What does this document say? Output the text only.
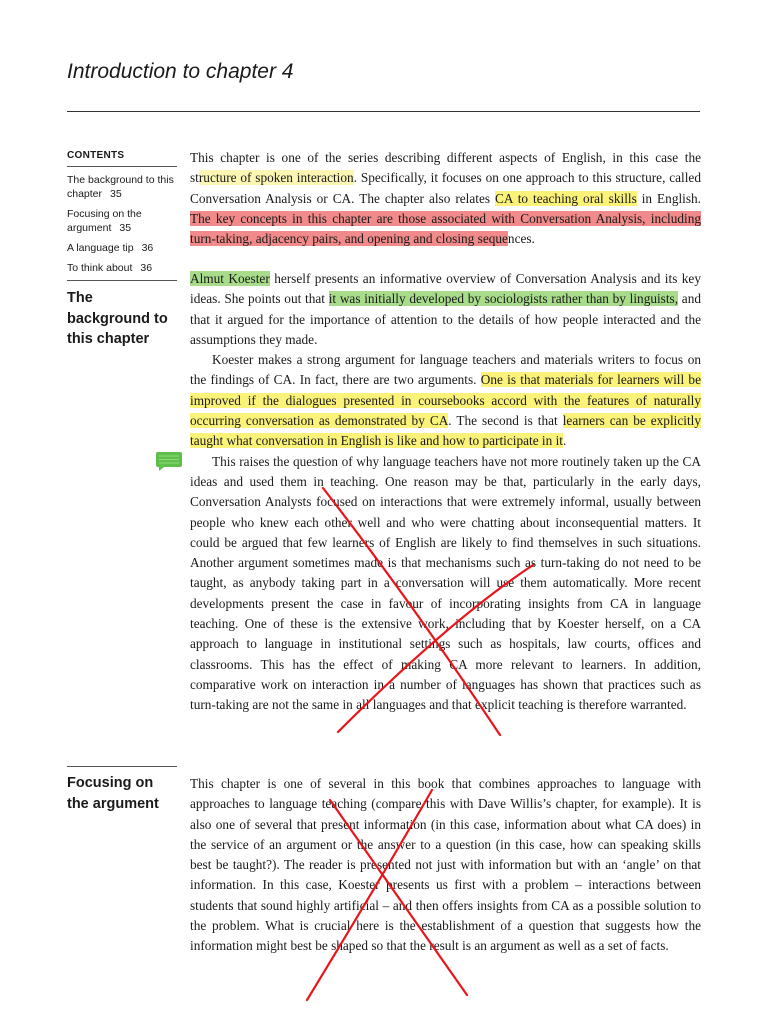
Introduction to chapter 4
CONTENTS
The background to this chapter 35
Focusing on the argument 35
A language tip 36
To think about 36
The background to this chapter
Focusing on the argument

This chapter is one of the series describing different aspects of English, in this case the structure of spoken interaction. Specifically, it focuses on one approach to this structure, called Conversation Analysis or CA. The chapter also relates CA to teaching oral skills in English. The key concepts in this chapter are those associated with Conversation Analysis, including turn-taking, adjacency pairs, and opening and closing sequences.

Almut Koester herself presents an informative overview of Conversation Analysis and its key ideas. She points out that it was initially developed by sociologists rather than by linguists, and that it argued for the importance of attention to the details of how people interacted and the assumptions they made.

Koester makes a strong argument for language teachers and materials writers to focus on the findings of CA. In fact, there are two arguments. One is that materials for learners will be improved if the dialogues presented in coursebooks accord with the features of naturally occurring conversation as demonstrated by CA. The second is that learners can be explicitly taught what conversation in English is like and how to participate in it.

This raises the question of why language teachers have not more routinely taken up the CA ideas and used them in teaching. One reason may be that, particularly in the early days, Conversation Analysts focused on interactions that were extremely informal, usually between people who knew each other well and who were chatting about inconsequential matters. It could be argued that few learners of English are likely to find themselves in such situations. Another argument sometimes made is that mechanisms such as turn-taking do not need to be taught, as anybody taking part in a conversation will use them automatically. More recent developments present the case in favour of incorporating insights from CA in language teaching. One of these is the extensive work, including that by Koester herself, on a CA approach to language in institutional settings such as hospitals, law courts, offices and classrooms. This has the effect of making CA more relevant to learners. In addition, comparative work on interaction in a number of languages has shown that practices such as turn-taking are not the same in all languages and that explicit teaching is therefore warranted.

This chapter is one of several in this book that combines approaches to language with approaches to language teaching (compare this with Dave Willis’s chapter, for example). It is also one of several that present information (in this case, information about what CA does) in the service of an argument or the answer to a question (in this case, how can speaking skills best be taught?). The reader is presented not just with information but with an ‘angle’ on that information. In this case, Koester presents us first with a problem – interactions between students that sound highly artificial – and then offers insights from CA as a possible solution to the problem. What is crucial here is the establishment of a question that suggests how the information might best be shaped so that the result is an argument as well as a set of facts.
